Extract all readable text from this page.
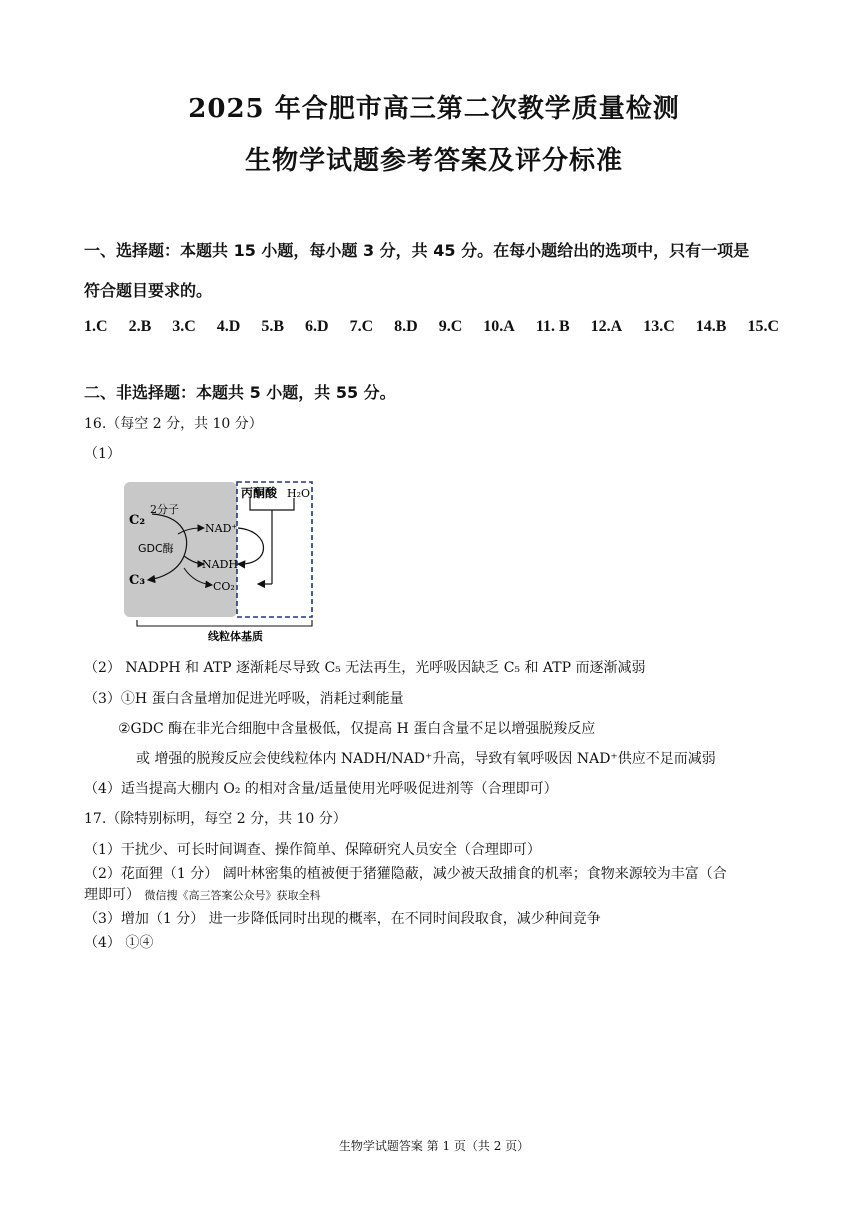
2025 年合肥市高三第二次教学质量检测
生物学试题参考答案及评分标准
一、选择题：本题共 15 小题，每小题 3 分，共 45 分。在每小题给出的选项中，只有一项是
符合题目要求的。
1.C 2.B 3.C 4.D 5.B 6.D 7.C 8.D 9.C 10.A 11. B 12.A 13.C 14.B 15.C
二、非选择题：本题共 5 小题，共 55 分。
16.（每空 2 分，共 10 分）
（1）
丙酮酸 H₂O
2分子
C₂
NAD⁺
GDC酶
NADH
C₃	CO₂
线粒体基质
（2） NADPH 和 ATP 逐渐耗尽导致 C₅ 无法再生，光呼吸因缺乏 C₅ 和 ATP 而逐渐减弱
（3）①H 蛋白含量增加促进光呼吸，消耗过剩能量
②GDC 酶在非光合细胞中含量极低，仅提高 H 蛋白含量不足以增强脱羧反应
或 增强的脱羧反应会使线粒体内 NADH/NAD⁺升高，导致有氧呼吸因 NAD⁺供应不足而减弱
（4）适当提高大棚内 O₂ 的相对含量/适量使用光呼吸促进剂等（合理即可）
17.（除特别标明，每空 2 分，共 10 分）
（1）干扰少、可长时间调查、操作简单、保障研究人员安全（合理即可）
（2）花面狸（1 分） 阔叶林密集的植被便于猪獾隐蔽，减少被天敌捕食的机率；食物来源较为丰富（合
理即可） 微信搜《高三答案公众号》获取全科
（3）增加（1 分） 进一步降低同时出现的概率，在不同时间段取食，减少种间竞争
（4） ①④
生物学试题答案 第 1 页（共 2 页）
